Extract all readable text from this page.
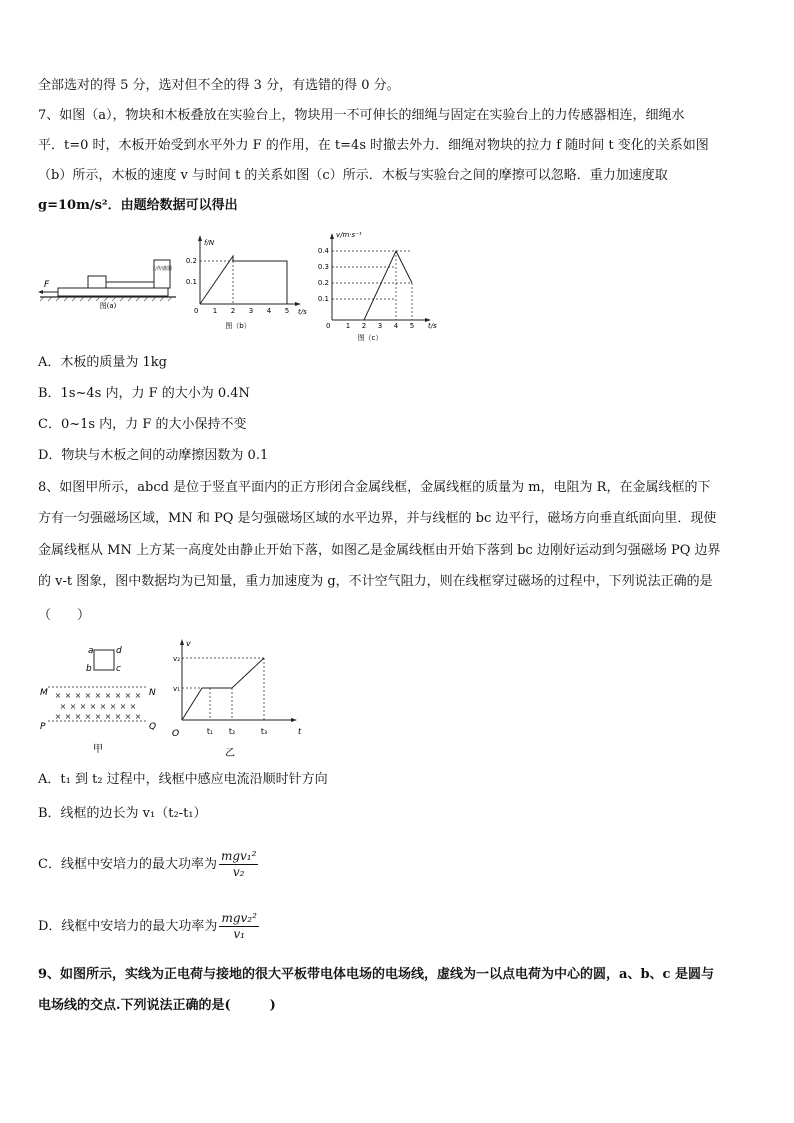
全部选对的得 5 分，选对但不全的得 3 分，有选错的得 0 分。
7、如图（a），物块和木板叠放在实验台上，物块用一不可伸长的细绳与固定在实验台上的力传感器相连，细绳水
平．t=0 时，木板开始受到水平外力 F 的作用，在 t=4s 时撤去外力．细绳对物块的拉力 f 随时间 t 变化的关系如图
（b）所示，木板的速度 v 与时间 t 的关系如图（c）所示．木板与实验台之间的摩擦可以忽略．重力加速度取
g=10m/s²．由题给数据可以得出
力传感器
F
图(a)
f/N
t/s
0.2
0.1
0 1 2 3 4 5
图（b）
v/m·s⁻¹
t/s
0.4
0.3
0.2
0.1
0 1 2 3 4 5
图（c）
A．木板的质量为 1kg
B．1s~4s 内，力 F 的大小为 0.4N
C．0~1s 内，力 F 的大小保持不变
D．物块与木板之间的动摩擦因数为 0.1
8、如图甲所示，abcd 是位于竖直平面内的正方形闭合金属线框，金属线框的质量为 m，电阻为 R，在金属线框的下
方有一匀强磁场区域，MN 和 PQ 是匀强磁场区域的水平边界，并与线框的 bc 边平行，磁场方向垂直纸面向里．现使
金属线框从 MN 上方某一高度处由静止开始下落，如图乙是金属线框由开始下落到 bc 边刚好运动到匀强磁场 PQ 边界
的 v-t 图象，图中数据均为已知量，重力加速度为 g，不计空气阻力，则在线框穿过磁场的过程中，下列说法正确的是
（　　）
a
b	c
d
M	N
P	Q
× × × × × × × × ×
× × × × × × × ×
× × × × × × × × ×
甲
v
t
O
v₂
v₁
t₁ t₂	t₃
乙
A．t₁ 到 t₂ 过程中，线框中感应电流沿顺时针方向
B．线框的边长为 v₁（t₂-t₁）
C．线框中安培力的最大功率为 $\frac{\text{mgv₁²}}{\text{v₂}}$
D．线框中安培力的最大功率为 $\frac{\text{mgv₂²}}{\text{v₁}}$
9、如图所示，实线为正电荷与接地的很大平板带电体电场的电场线，虚线为一以点电荷为中心的圆，a、b、c 是圆与
电场线的交点.下列说法正确的是(　　　)
